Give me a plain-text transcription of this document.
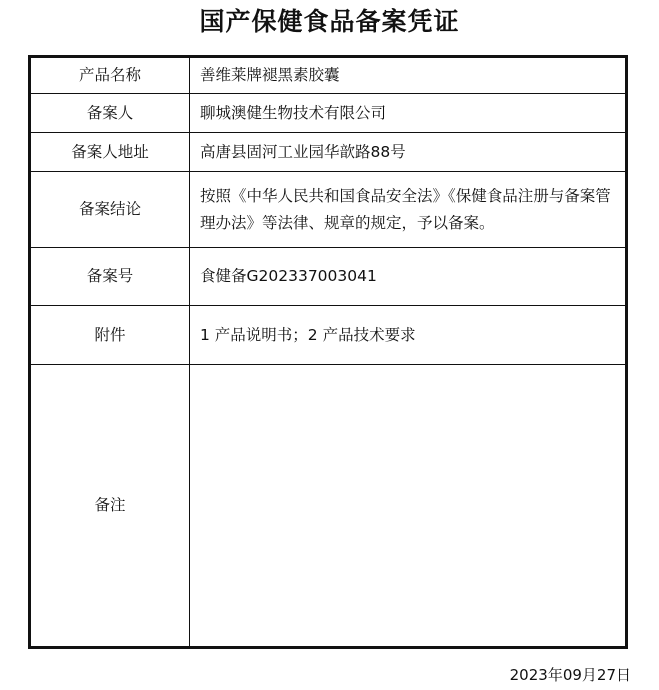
国产保健食品备案凭证
产品名称	善维莱牌褪黑素胶囊
备案人	聊城澳健生物技术有限公司
备案人地址	高唐县固河工业园华歆路88号
备案结论	按照《中华人民共和国食品安全法》《保健食品注册与备案管理办法》等法律、规章的规定，予以备案。
备案号	食健备G202337003041
附件	1 产品说明书；2 产品技术要求
备注	
2023年09月27日
